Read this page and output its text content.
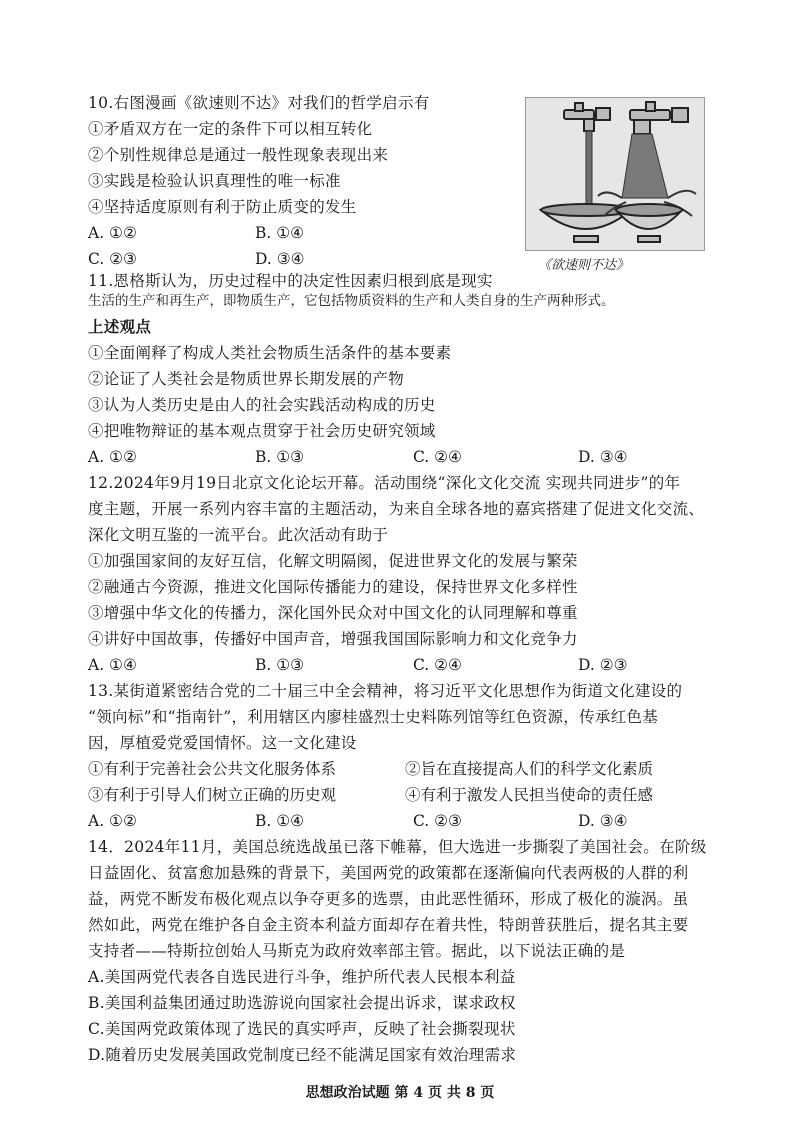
10.右图漫画《欲速则不达》对我们的哲学启示有
①矛盾双方在一定的条件下可以相互转化
②个别性规律总是通过一般性现象表现出来
③实践是检验认识真理性的唯一标准
④坚持适度原则有利于防止质变的发生
A. ①②	B. ①④
C. ②③	D. ③④	《欲速则不达》
11.恩格斯认为，历史过程中的决定性因素归根到底是现实
生活的生产和再生产，即物质生产，它包括物质资料的生产和人类自身的生产两种形式。
上述观点
①全面阐释了构成人类社会物质生活条件的基本要素
②论证了人类社会是物质世界长期发展的产物
③认为人类历史是由人的社会实践活动构成的历史
④把唯物辩证的基本观点贯穿于社会历史研究领域
A. ①②	B. ①③	C. ②④	D. ③④
12.2024年9月19日北京文化论坛开幕。活动围绕“深化文化交流 实现共同进步”的年
度主题，开展一系列内容丰富的主题活动，为来自全球各地的嘉宾搭建了促进文化交流、
深化文明互鉴的一流平台。此次活动有助于
①加强国家间的友好互信，化解文明隔阂，促进世界文化的发展与繁荣
②融通古今资源，推进文化国际传播能力的建设，保持世界文化多样性
③增强中华文化的传播力，深化国外民众对中国文化的认同理解和尊重
④讲好中国故事，传播好中国声音，增强我国国际影响力和文化竞争力
A. ①④	B. ①③	C. ②④	D. ②③
13.某街道紧密结合党的二十届三中全会精神，将习近平文化思想作为街道文化建设的
“领向标”和“指南针”，利用辖区内廖桂盛烈士史料陈列馆等红色资源，传承红色基
因，厚植爱党爱国情怀。这一文化建设
①有利于完善社会公共文化服务体系	②旨在直接提高人们的科学文化素质
③有利于引导人们树立正确的历史观	④有利于激发人民担当使命的责任感
A. ①②	B. ①④	C. ②③	D. ③④
14．2024年11月，美国总统选战虽已落下帷幕，但大选进一步撕裂了美国社会。在阶级
日益固化、贫富愈加悬殊的背景下，美国两党的政策都在逐渐偏向代表两极的人群的利
益，两党不断发布极化观点以争夺更多的选票，由此恶性循环，形成了极化的漩涡。虽
然如此，两党在维护各自金主资本利益方面却存在着共性，特朗普获胜后，提名其主要
支持者——特斯拉创始人马斯克为政府效率部主管。据此，以下说法正确的是
A.美国两党代表各自选民进行斗争，维护所代表人民根本利益
B.美国利益集团通过助选游说向国家社会提出诉求，谋求政权
C.美国两党政策体现了选民的真实呼声，反映了社会撕裂现状
D.随着历史发展美国政党制度已经不能满足国家有效治理需求
思想政治试题 第 4 页 共 8 页
